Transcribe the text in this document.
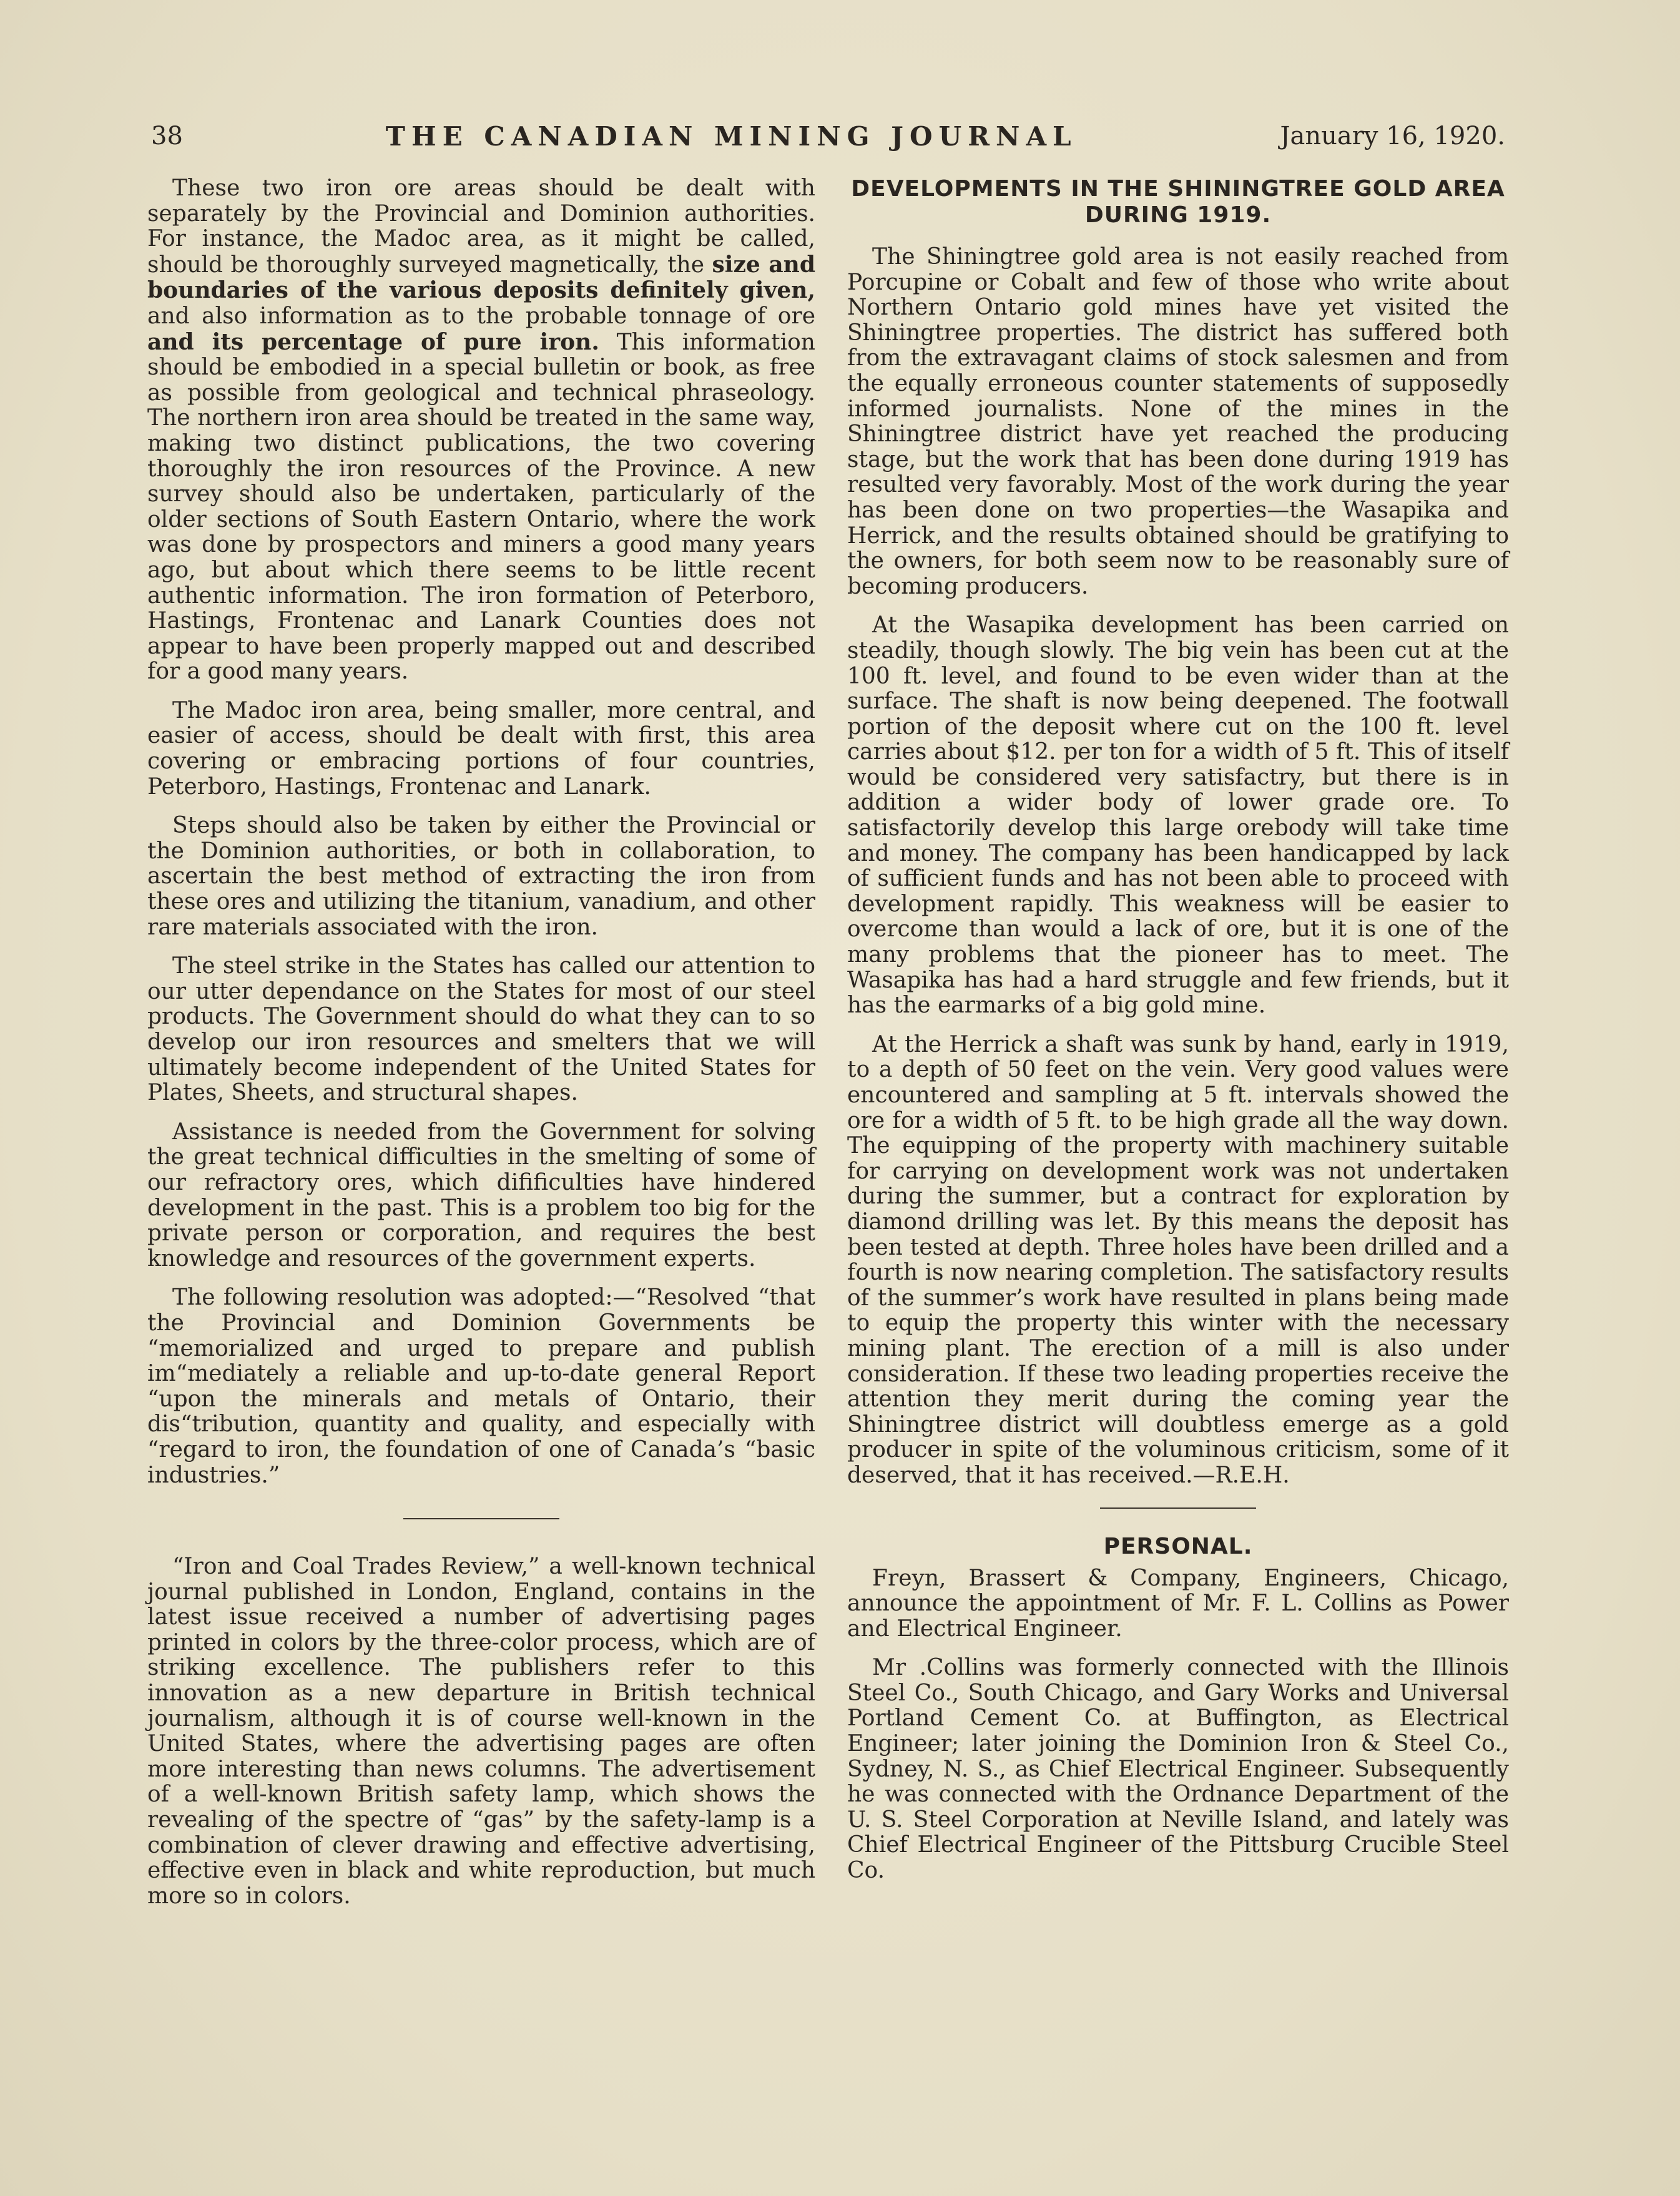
38	THE CANADIAN MINING JOURNAL	January 16, 1920.

These two iron ore areas should be dealt with separately by the Provincial and Dominion authorities. For instance, the Madoc area, as it might be called, should be thoroughly surveyed magnetically, the size and boundaries of the various deposits definitely given, and also information as to the probable tonnage of ore and its percentage of pure iron. This information should be embodied in a special bulletin or book, as free as possible from geological and technical phraseology. The northern iron area should be treated in the same way, making two distinct publications, the two covering thoroughly the iron resources of the Province. A new survey should also be undertaken, particularly of the older sections of South Eastern Ontario, where the work was done by prospectors and miners a good many years ago, but about which there seems to be little recent authentic information. The iron formation of Peterboro, Hastings, Frontenac and Lanark Counties does not appear to have been properly mapped out and described for a good many years.

The Madoc iron area, being smaller, more central, and easier of access, should be dealt with first, this area covering or embracing portions of four countries, Peterboro, Hastings, Frontenac and Lanark.

Steps should also be taken by either the Provincial or the Dominion authorities, or both in collaboration, to ascertain the best method of extracting the iron from these ores and utilizing the titanium, vanadium, and other rare materials associated with the iron.

The steel strike in the States has called our attention to our utter dependance on the States for most of our steel products. The Government should do what they can to so develop our iron resources and smelters that we will ultimately become independent of the United States for Plates, Sheets, and structural shapes.

Assistance is needed from the Government for solving the great technical difficulties in the smelting of some of our refractory ores, which difificulties have hindered development in the past. This is a problem too big for the private person or corporation, and requires the best knowledge and resources of the government experts.

The following resolution was adopted:—“Resolved “that the Provincial and Dominion Governments be “memorialized and urged to prepare and publish im“mediately a reliable and up-to-date general Report “upon the minerals and metals of Ontario, their dis“tribution, quantity and quality, and especially with “regard to iron, the foundation of one of Canada’s “basic industries.”

“Iron and Coal Trades Review,” a well-known technical journal published in London, England, contains in the latest issue received a number of advertising pages printed in colors by the three-color process, which are of striking excellence. The publishers refer to this innovation as a new departure in British technical journalism, although it is of course well-known in the United States, where the advertising pages are often more interesting than news columns. The advertisement of a well-known British safety lamp, which shows the revealing of the spectre of “gas” by the safety-lamp is a combination of clever drawing and effective advertising, effective even in black and white reproduction, but much more so in colors.

DEVELOPMENTS IN THE SHININGTREE GOLD AREA DURING 1919.

The Shiningtree gold area is not easily reached from Porcupine or Cobalt and few of those who write about Northern Ontario gold mines have yet visited the Shiningtree properties. The district has suffered both from the extravagant claims of stock salesmen and from the equally erroneous counter statements of supposedly informed journalists. None of the mines in the Shiningtree district have yet reached the producing stage, but the work that has been done during 1919 has resulted very favorably. Most of the work during the year has been done on two properties—the Wasapika and Herrick, and the results obtained should be gratifying to the owners, for both seem now to be reasonably sure of becoming producers.

At the Wasapika development has been carried on steadily, though slowly. The big vein has been cut at the 100 ft. level, and found to be even wider than at the surface. The shaft is now being deepened. The footwall portion of the deposit where cut on the 100 ft. level carries about $12. per ton for a width of 5 ft. This of itself would be considered very satisfactry, but there is in addition a wider body of lower grade ore. To satisfactorily develop this large orebody will take time and money. The company has been handicapped by lack of sufficient funds and has not been able to proceed with development rapidly. This weakness will be easier to overcome than would a lack of ore, but it is one of the many problems that the pioneer has to meet. The Wasapika has had a hard struggle and few friends, but it has the earmarks of a big gold mine.

At the Herrick a shaft was sunk by hand, early in 1919, to a depth of 50 feet on the vein. Very good values were encountered and sampling at 5 ft. intervals showed the ore for a width of 5 ft. to be high grade all the way down. The equipping of the property with machinery suitable for carrying on development work was not undertaken during the summer, but a contract for exploration by diamond drilling was let. By this means the deposit has been tested at depth. Three holes have been drilled and a fourth is now nearing completion. The satisfactory results of the summer’s work have resulted in plans being made to equip the property this winter with the necessary mining plant. The erection of a mill is also under consideration. If these two leading properties receive the attention they merit during the coming year the Shiningtree district will doubtless emerge as a gold producer in spite of the voluminous criticism, some of it deserved, that it has received.—R.E.H.

PERSONAL.

Freyn, Brassert & Company, Engineers, Chicago, announce the appointment of Mr. F. L. Collins as Power and Electrical Engineer.

Mr .Collins was formerly connected with the Illinois Steel Co., South Chicago, and Gary Works and Universal Portland Cement Co. at Buffington, as Electrical Engineer; later joining the Dominion Iron & Steel Co., Sydney, N. S., as Chief Electrical Engineer. Subsequently he was connected with the Ordnance Department of the U. S. Steel Corporation at Neville Island, and lately was Chief Electrical Engineer of the Pittsburg Crucible Steel Co.
